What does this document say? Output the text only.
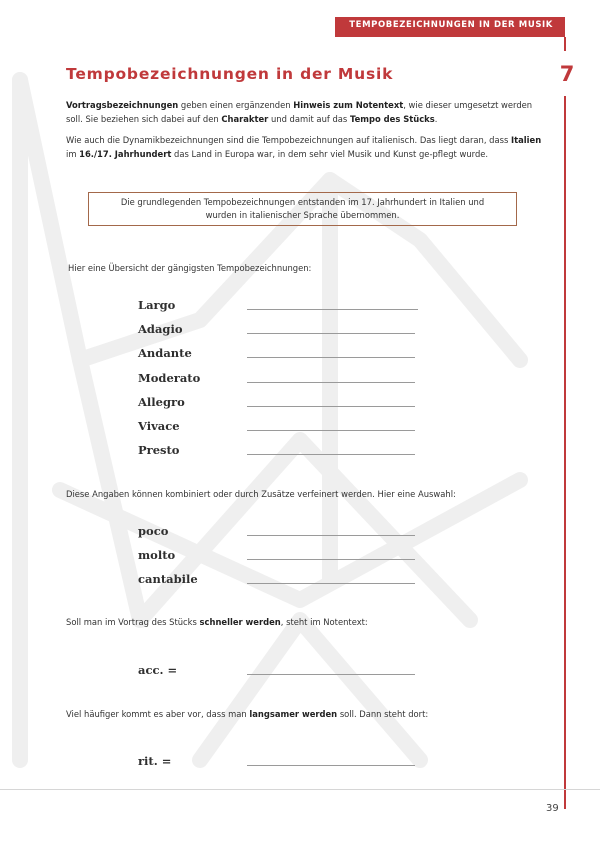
TEMPOBEZEICHNUNGEN IN DER MUSIK
7
Tempobezeichnungen in der Musik

Vortragsbezeichnungen geben einen ergänzenden Hinweis zum Notentext, wie dieser umgesetzt werden soll. Sie beziehen sich dabei auf den Charakter und damit auf das Tempo des Stücks.

Wie auch die Dynamikbezeichnungen sind die Tempobezeichnungen auf italienisch. Das liegt daran, dass Italien im 16./17. Jahrhundert das Land in Europa war, in dem sehr viel Musik und Kunst ge-pflegt wurde.

Die grundlegenden Tempobezeichnungen entstanden im 17. Jahrhundert in Italien und
wurden in italienischer Sprache übernommen.

Hier eine Übersicht der gängigsten Tempobezeichnungen:

Largo
Adagio
Andante
Moderato
Allegro
Vivace
Presto

Diese Angaben können kombiniert oder durch Zusätze verfeinert werden. Hier eine Auswahl:

poco
molto
cantabile

Soll man im Vortrag des Stücks schneller werden, steht im Notentext:

acc. =

Viel häufiger kommt es aber vor, dass man langsamer werden soll. Dann steht dort:

rit. =
39
